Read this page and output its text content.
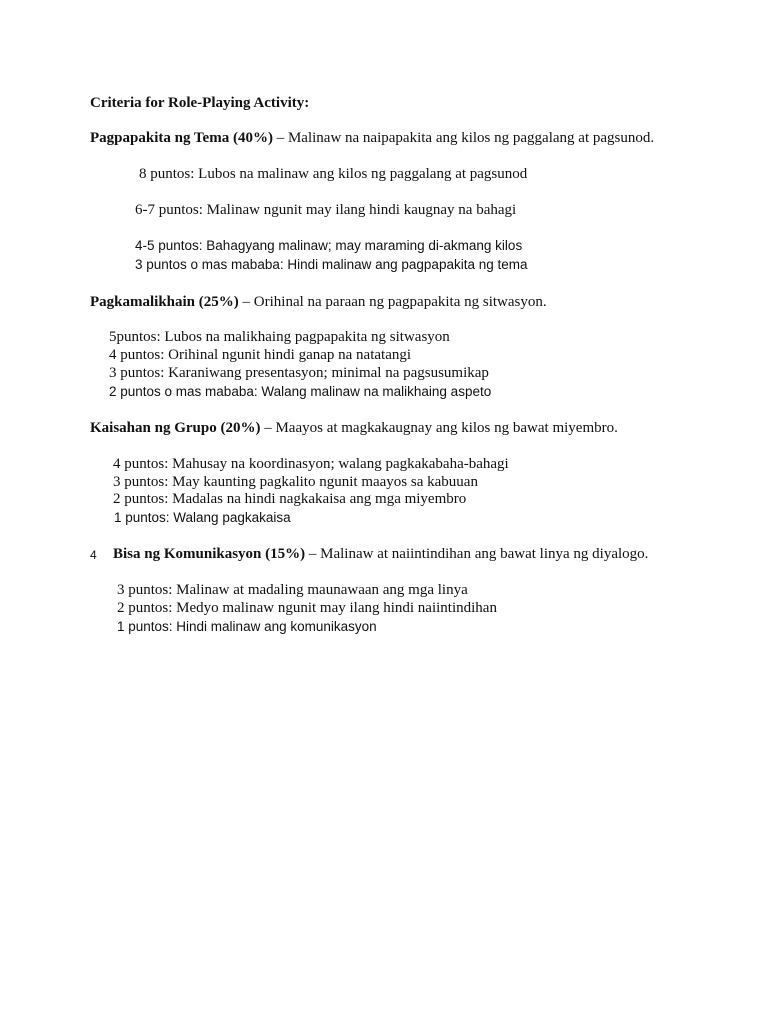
Criteria for Role-Playing Activity:
Pagpapakita ng Tema (40%) – Malinaw na naipapakita ang kilos ng paggalang at pagsunod.
8 puntos: Lubos na malinaw ang kilos ng paggalang at pagsunod
6-7 puntos: Malinaw ngunit may ilang hindi kaugnay na bahagi
4-5 puntos: Bahagyang malinaw; may maraming di-akmang kilos
3 puntos o mas mababa: Hindi malinaw ang pagpapakita ng tema
Pagkamalikhain (25%) – Orihinal na paraan ng pagpapakita ng sitwasyon.
5puntos: Lubos na malikhaing pagpapakita ng sitwasyon
4 puntos: Orihinal ngunit hindi ganap na natatangi
3 puntos: Karaniwang presentasyon; minimal na pagsusumikap
2 puntos o mas mababa: Walang malinaw na malikhaing aspeto
Kaisahan ng Grupo (20%) – Maayos at magkakaugnay ang kilos ng bawat miyembro.
4 puntos: Mahusay na koordinasyon; walang pagkakabaha-bahagi
3 puntos: May kaunting pagkalito ngunit maayos sa kabuuan
2 puntos: Madalas na hindi nagkakaisa ang mga miyembro
1 puntos: Walang pagkakaisa
4 Bisa ng Komunikasyon (15%) – Malinaw at naiintindihan ang bawat linya ng diyalogo.
3 puntos: Malinaw at madaling maunawaan ang mga linya
2 puntos: Medyo malinaw ngunit may ilang hindi naiintindihan
1 puntos: Hindi malinaw ang komunikasyon
